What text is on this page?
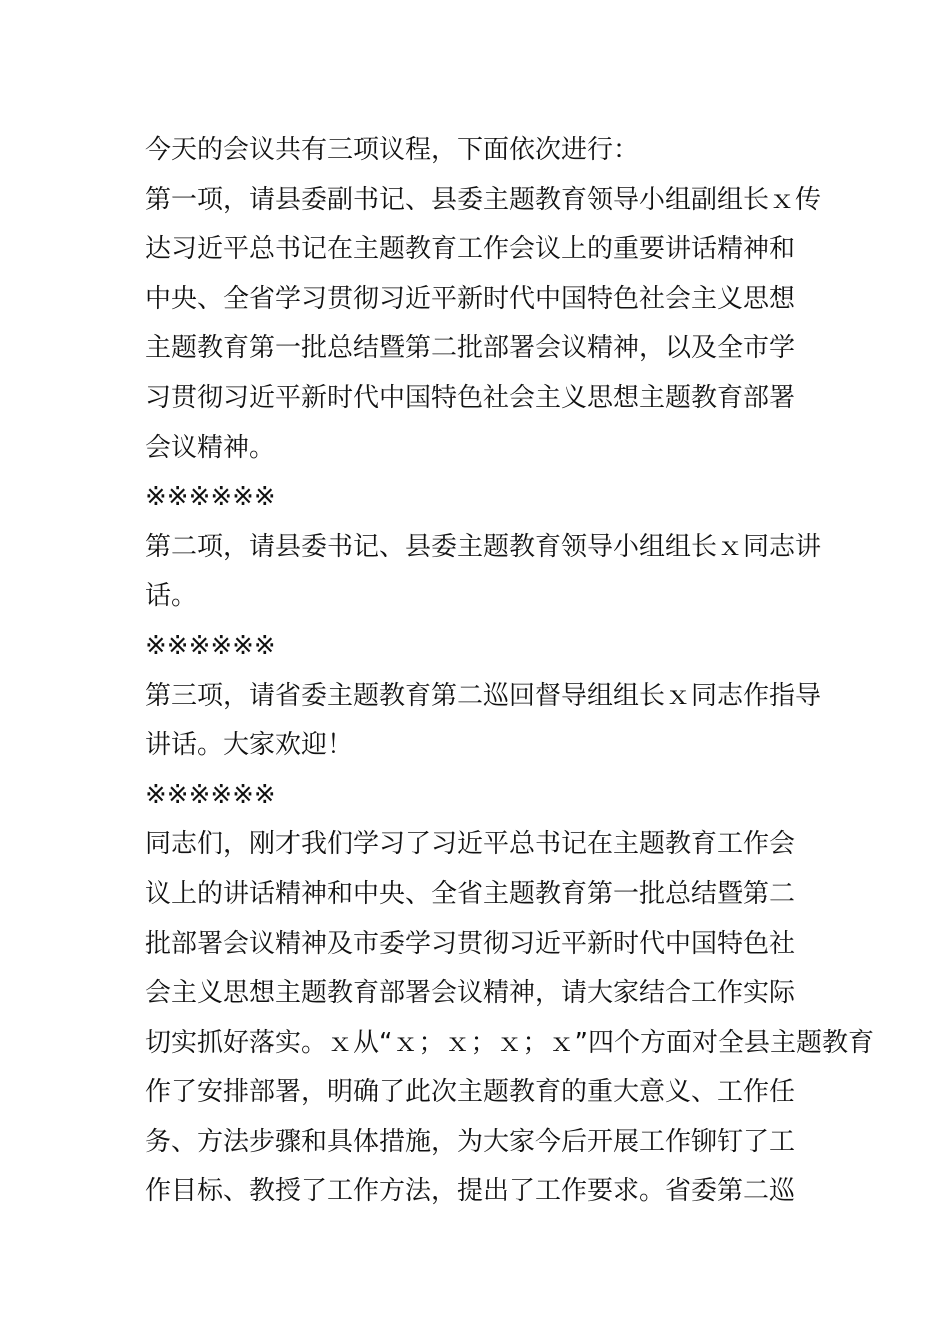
今天的会议共有三项议程，下面依次进行：
第一项，请县委副书记、县委主题教育领导小组副组长ｘ传
达习近平总书记在主题教育工作会议上的重要讲话精神和
中央、全省学习贯彻习近平新时代中国特色社会主义思想
主题教育第一批总结暨第二批部署会议精神，以及全市学
习贯彻习近平新时代中国特色社会主义思想主题教育部署
会议精神。
※※※※※※
第二项，请县委书记、县委主题教育领导小组组长ｘ同志讲
话。
※※※※※※
第三项，请省委主题教育第二巡回督导组组长ｘ同志作指导
讲话。大家欢迎！
※※※※※※
同志们，刚才我们学习了习近平总书记在主题教育工作会
议上的讲话精神和中央、全省主题教育第一批总结暨第二
批部署会议精神及市委学习贯彻习近平新时代中国特色社
会主义思想主题教育部署会议精神，请大家结合工作实际
切实抓好落实。ｘ从“ｘ；ｘ；ｘ；ｘ”四个方面对全县主题教育
作了安排部署，明确了此次主题教育的重大意义、工作任
务、方法步骤和具体措施，为大家今后开展工作铆钉了工
作目标、教授了工作方法，提出了工作要求。省委第二巡
